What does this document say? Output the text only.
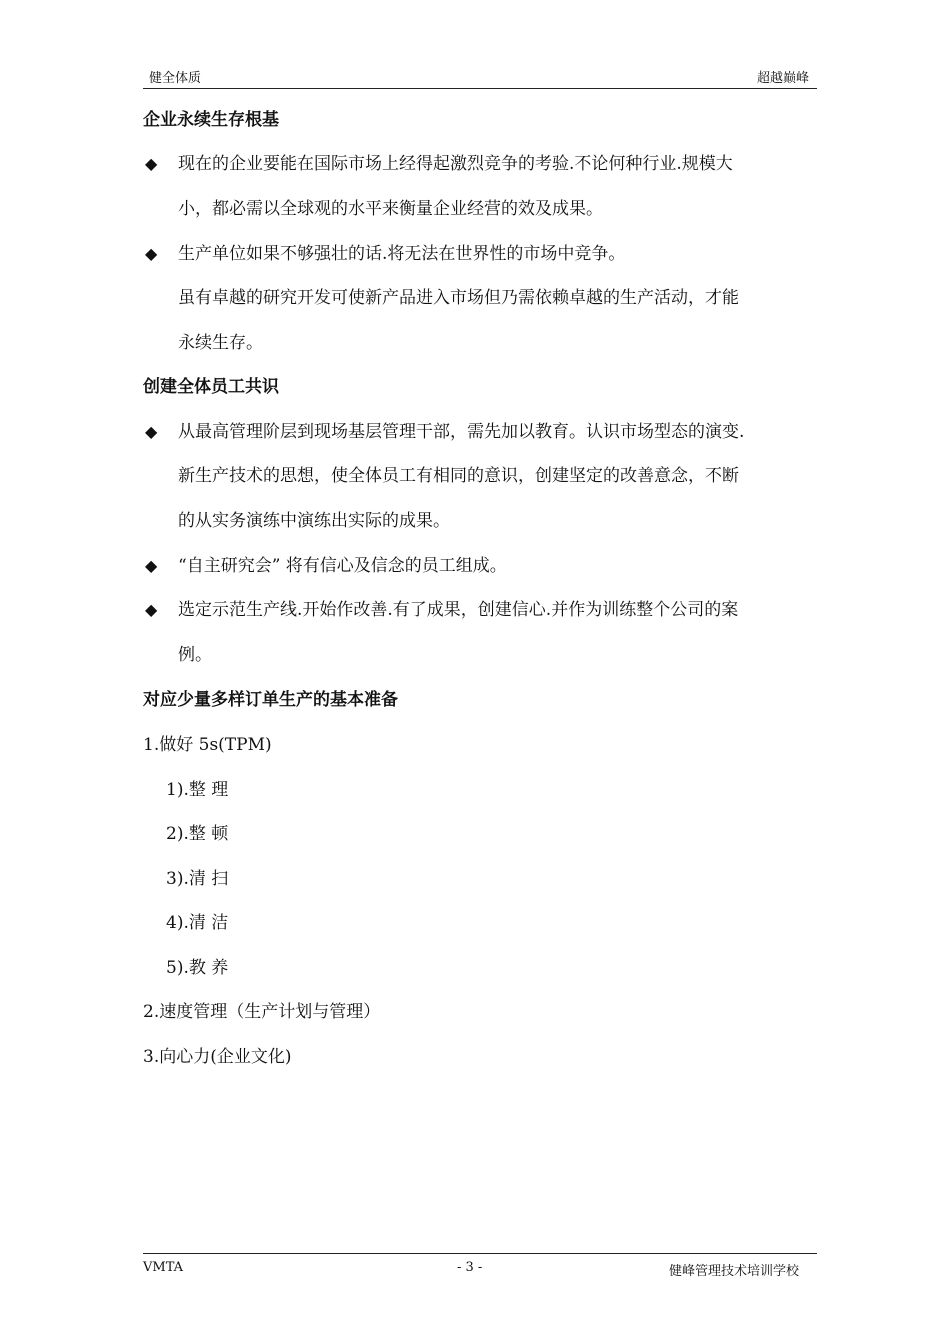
健全体质	超越巅峰
企业永续生存根基
◆ 现在的企业要能在国际市场上经得起激烈竞争的考验.不论何种行业.规模大
小，都必需以全球观的水平来衡量企业经营的效及成果。
◆ 生产单位如果不够强壮的话.将无法在世界性的市场中竞争。
虽有卓越的研究开发可使新产品进入市场但乃需依赖卓越的生产活动，才能
永续生存。
创建全体员工共识
◆ 从最高管理阶层到现场基层管理干部，需先加以教育。认识市场型态的演变.
新生产技术的思想，使全体员工有相同的意识，创建坚定的改善意念，不断
的从实务演练中演练出实际的成果。
◆ “自主研究会” 将有信心及信念的员工组成。
◆ 选定示范生产线.开始作改善.有了成果，创建信心.并作为训练整个公司的案
例。
对应少量多样订单生产的基本准备
1.做好 5s(TPM)
1).整 理
2).整 顿
3).清 扫
4).清 洁
5).教 养
2.速度管理（生产计划与管理）
3.向心力(企业文化)
VMTA	- 3 -	健峰管理技术培训学校
